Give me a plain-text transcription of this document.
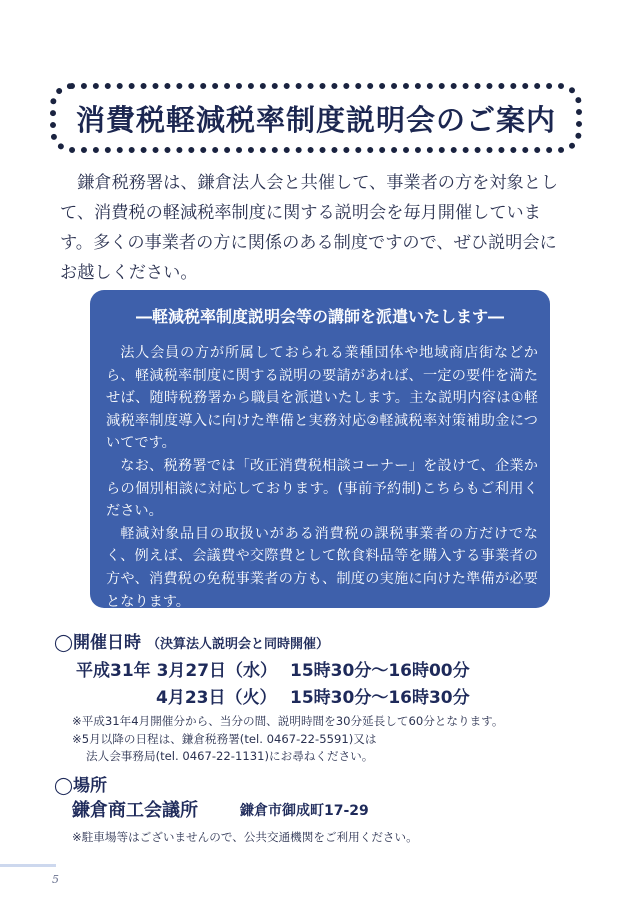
消費税軽減税率制度説明会のご案内
鎌倉税務署は、鎌倉法人会と共催して、事業者の方を対象として、消費税の軽減税率制度に関する説明会を毎月開催しています。多くの事業者の方に関係のある制度ですので、ぜひ説明会にお越しください。
―軽減税率制度説明会等の講師を派遣いたします―

法人会員の方が所属しておられる業種団体や地域商店街などから、軽減税率制度に関する説明の要請があれば、一定の要件を満たせば、随時税務署から職員を派遣いたします。主な説明内容は①軽減税率制度導入に向けた準備と実務対応②軽減税率対策補助金についてです。

なお、税務署では「改正消費税相談コーナー」を設けて、企業からの個別相談に対応しております。(事前予約制)こちらもご利用ください。

軽減対象品目の取扱いがある消費税の課税事業者の方だけでなく、例えば、会議費や交際費として飲食料品等を購入する事業者の方や、消費税の免税事業者の方も、制度の実施に向けた準備が必要となります。

◯開催日時 （決算法人説明会と同時開催）
平成31年 3月27日（水） 15時30分～16時00分
4月23日（火） 15時30分～16時30分
※平成31年4月開催分から、当分の間、説明時間を30分延長して60分となります。
※5月以降の日程は、鎌倉税務署(tel. 0467-22-5591)又は
法人会事務局(tel. 0467-22-1131)にお尋ねください。
◯場所
鎌倉商工会議所	鎌倉市御成町17-29
※駐車場等はございませんので、公共交通機関をご利用ください。
5
